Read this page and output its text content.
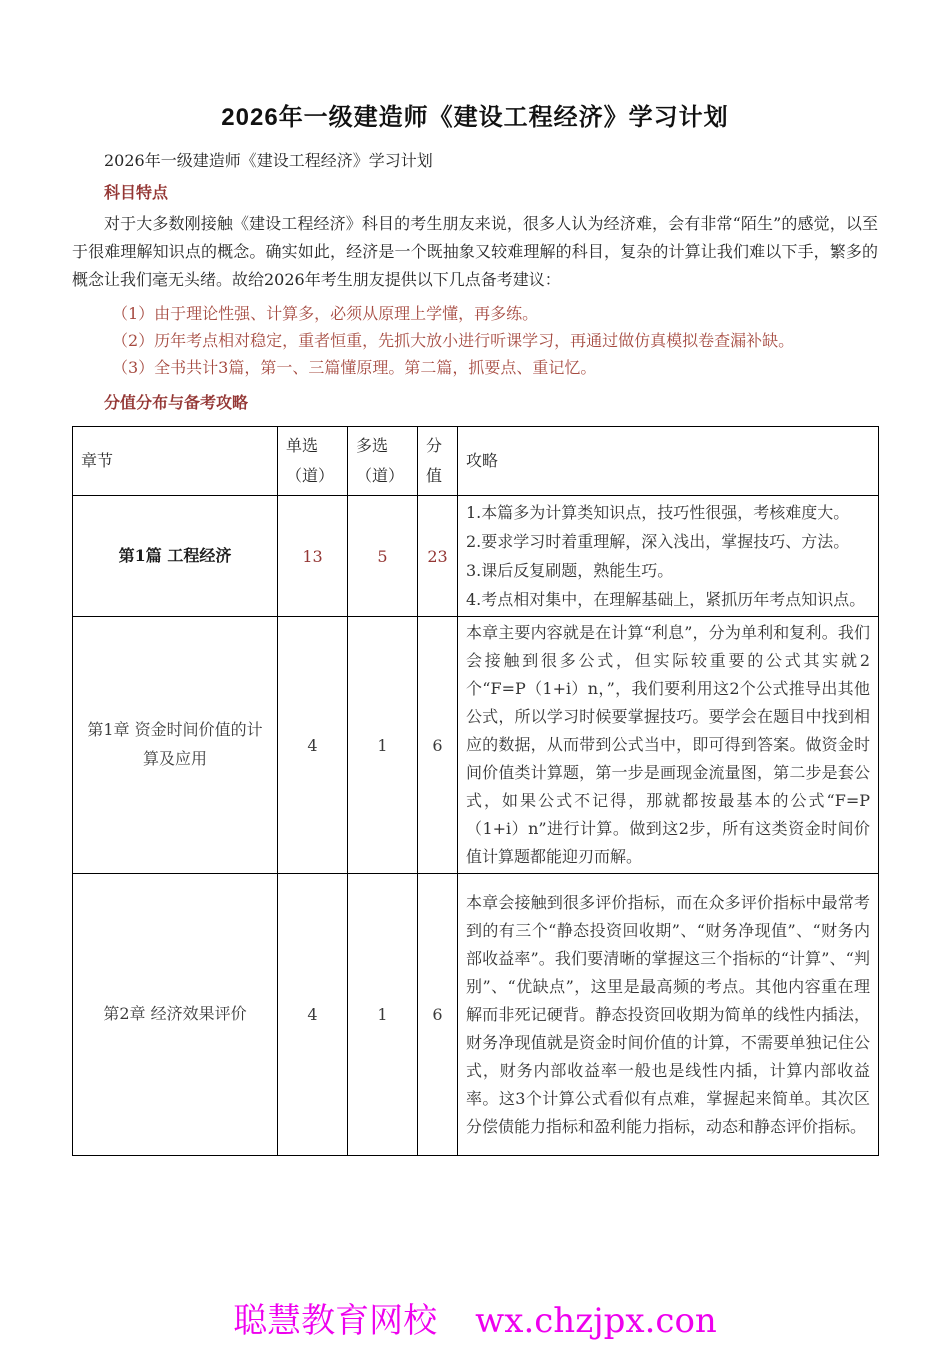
2026年一级建造师《建设工程经济》学习计划

2026年一级建造师《建设工程经济》学习计划

科目特点

对于大多数刚接触《建设工程经济》科目的考生朋友来说，很多人认为经济难，会有非常“陌生”的感觉，以至于很难理解知识点的概念。确实如此，经济是一个既抽象又较难理解的科目，复杂的计算让我们难以下手，繁多的概念让我们毫无头绪。故给2026年考生朋友提供以下几点备考建议：

（1）由于理论性强、计算多，必须从原理上学懂，再多练。

（2）历年考点相对稳定，重者恒重，先抓大放小进行听课学习，再通过做仿真模拟卷查漏补缺。

（3）全书共计3篇，第一、三篇懂原理。第二篇，抓要点、重记忆。

分值分布与备考攻略
章节	单选（道）	多选（道）	分值	攻略
第1篇 工程经济	13	5	23	1.本篇多为计算类知识点，技巧性很强，考核难度大。
2.要求学习时着重理解，深入浅出，掌握技巧、方法。
3.课后反复刷题，熟能生巧。
4.考点相对集中，在理解基础上，紧抓历年考点知识点。

第1章 资金时间价值的计算及应用	4	1	6	本章主要内容就是在计算“利息”，分为单利和复利。我们会接触到很多公式，但实际较重要的公式其实就2个“F=P（1+i）n，”，我们要利用这2个公式推导出其他公式，所以学习时候要掌握技巧。要学会在题目中找到相应的数据，从而带到公式当中，即可得到答案。做资金时间价值类计算题，第一步是画现金流量图，第二步是套公式，如果公式不记得，那就都按最基本的公式“F=P（1+i）n”进行计算。做到这2步，所有这类资金时间价值计算题都能迎刃而解。

第2章 经济效果评价	4	1	6	本章会接触到很多评价指标，而在众多评价指标中最常考到的有三个“静态投资回收期”、“财务净现值”、“财务内部收益率”。我们要清晰的掌握这三个指标的“计算”、“判别”、“优缺点”，这里是最高频的考点。其他内容重在理解而非死记硬背。静态投资回收期为简单的线性内插法，财务净现值就是资金时间价值的计算，不需要单独记住公式，财务内部收益率一般也是线性内插，计算内部收益率。这3个计算公式看似有点难，掌握起来简单。其次区分偿债能力指标和盈利能力指标，动态和静态评价指标。
聪慧教育网校 wx.chzjpx.con
